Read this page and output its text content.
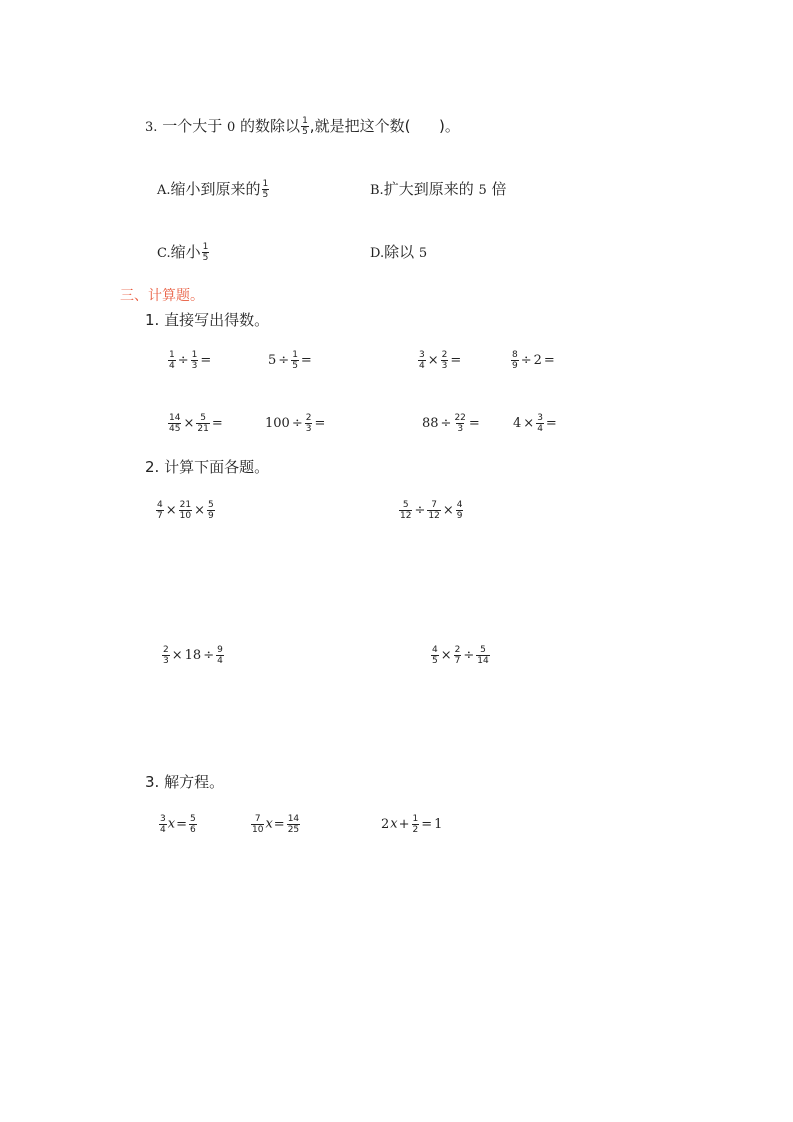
3. 一个大于 0 的数除以 $\frac{1}{5}$ ,就是把这个数( )。
A.缩小到原来的 $\frac{1}{5}$	B.扩大到原来的 5 倍
C.缩小 $\frac{1}{5}$	D.除以 5
三、计算题。
1. 直接写出得数。
$\frac{1}{4} \div \frac{1}{3}$ =	$5 \div \frac{1}{5}$ =	$\frac{3}{4} \times \frac{2}{3}$ =	$\frac{8}{9} \div 2$ =
$\frac{14}{45} \times \frac{5}{21}$ =	$100 \div \frac{2}{3}$ =	$88 \div \frac{22}{3}$ =	$4 \times \frac{3}{4}$ =
2. 计算下面各题。
$\frac{4}{7} \times \frac{21}{10} \times \frac{5}{9}$	$\frac{5}{12} \div \frac{7}{12} \times \frac{4}{9}$
$\frac{2}{3} \times 18 \div \frac{9}{4}$	$\frac{4}{5} \times \frac{2}{7} \div \frac{5}{14}$
3. 解方程。
$\frac{3}{4} x= \frac{5}{6}$	$\frac{7}{10} x= \frac{14}{25}$	$2x+ \frac{1}{2} = 1$
